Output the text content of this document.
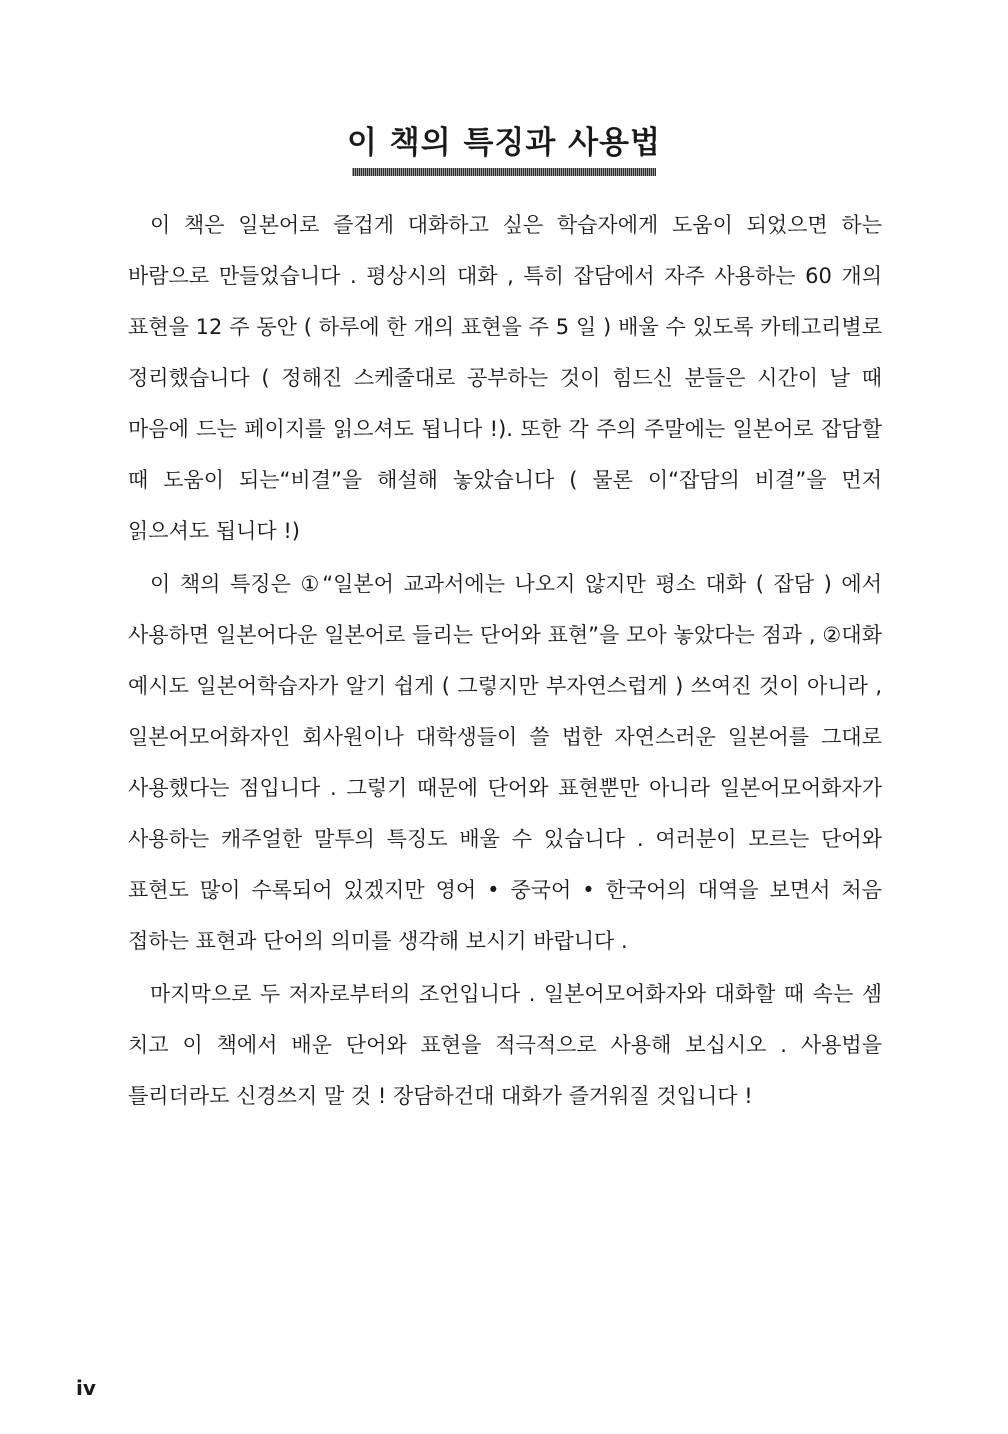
이 책의 특징과 사용법

이 책은 일본어로 즐겁게 대화하고 싶은 학습자에게 도움이 되었으면 하는 바람으로 만들었습니다 . 평상시의 대화 , 특히 잡담에서 자주 사용하는 60 개의 표현을 12 주 동안 ( 하루에 한 개의 표현을 주 5 일 ) 배울 수 있도록 카테고리별로 정리했습니다 ( 정해진 스케줄대로 공부하는 것이 힘드신 분들은 시간이 날 때 마음에 드는 페이지를 읽으셔도 됩니다 !). 또한 각 주의 주말에는 일본어로 잡담할 때 도움이 되는“비결”을 해설해 놓았습니다 ( 물론 이“잡담의 비결”을 먼저 읽으셔도 됩니다 !)

이 책의 특징은 ①“일본어 교과서에는 나오지 않지만 평소 대화 ( 잡담 ) 에서 사용하면 일본어다운 일본어로 들리는 단어와 표현”을 모아 놓았다는 점과 , ②대화 예시도 일본어학습자가 알기 쉽게 ( 그렇지만 부자연스럽게 ) 쓰여진 것이 아니라 , 일본어모어화자인 회사원이나 대학생들이 쓸 법한 자연스러운 일본어를 그대로 사용했다는 점입니다 . 그렇기 때문에 단어와 표현뿐만 아니라 일본어모어화자가 사용하는 캐주얼한 말투의 특징도 배울 수 있습니다 . 여러분이 모르는 단어와 표현도 많이 수록되어 있겠지만 영어 • 중국어 • 한국어의 대역을 보면서 처음 접하는 표현과 단어의 의미를 생각해 보시기 바랍니다 .

마지막으로 두 저자로부터의 조언입니다 . 일본어모어화자와 대화할 때 속는 셈 치고 이 책에서 배운 단어와 표현을 적극적으로 사용해 보십시오 . 사용법을 틀리더라도 신경쓰지 말 것 ! 장담하건대 대화가 즐거워질 것입니다 !

iv
